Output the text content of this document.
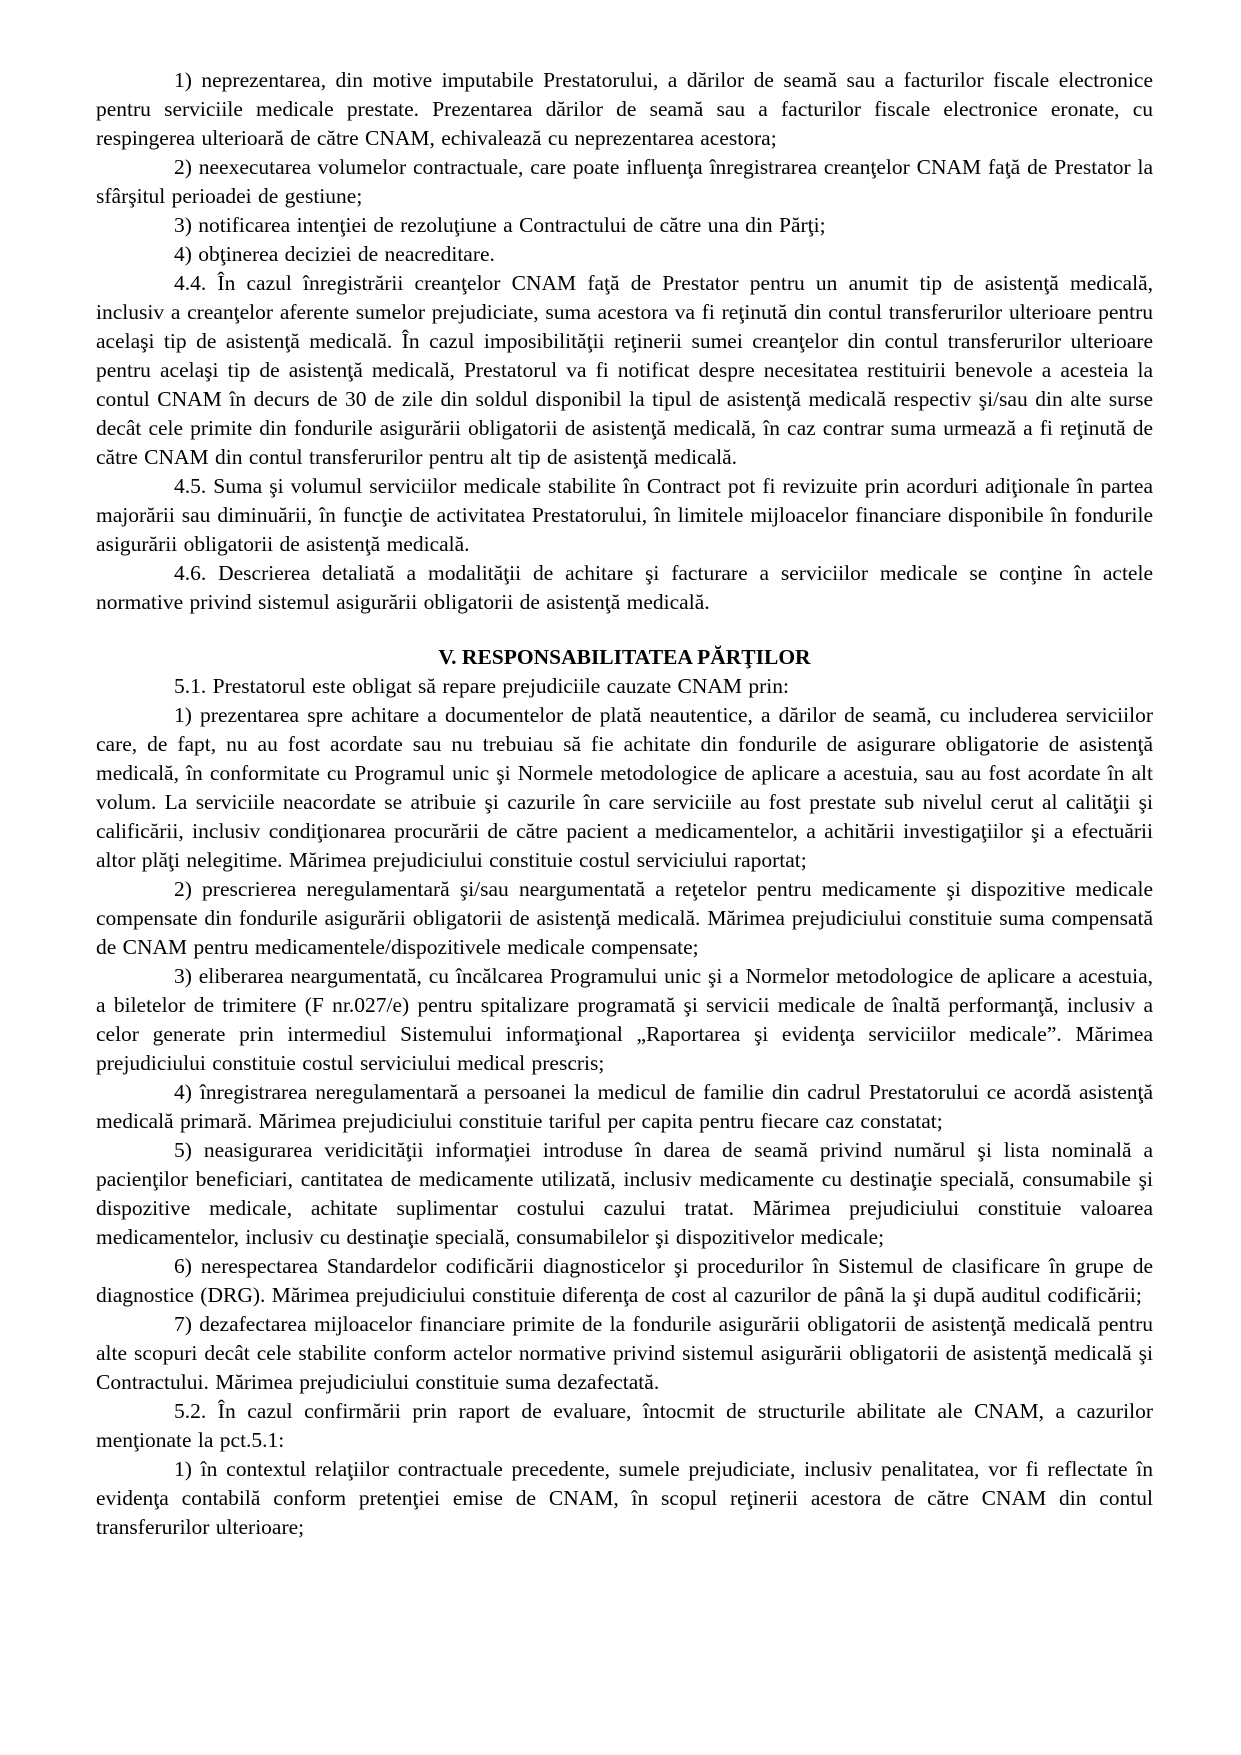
1) neprezentarea, din motive imputabile Prestatorului, a dărilor de seamă sau a facturilor fiscale electronice pentru serviciile medicale prestate. Prezentarea dărilor de seamă sau a facturilor fiscale electronice eronate, cu respingerea ulterioară de către CNAM, echivalează cu neprezentarea acestora;

2) neexecutarea volumelor contractuale, care poate influenţa înregistrarea creanţelor CNAM faţă de Prestator la sfârşitul perioadei de gestiune;

3) notificarea intenţiei de rezoluţiune a Contractului de către una din Părţi;

4) obţinerea deciziei de neacreditare.

4.4. În cazul înregistrării creanţelor CNAM faţă de Prestator pentru un anumit tip de asistenţă medicală, inclusiv a creanţelor aferente sumelor prejudiciate, suma acestora va fi reţinută din contul transferurilor ulterioare pentru acelaşi tip de asistenţă medicală. În cazul imposibilităţii reţinerii sumei creanţelor din contul transferurilor ulterioare pentru acelaşi tip de asistenţă medicală, Prestatorul va fi notificat despre necesitatea restituirii benevole a acesteia la contul CNAM în decurs de 30 de zile din soldul disponibil la tipul de asistenţă medicală respectiv şi/sau din alte surse decât cele primite din fondurile asigurării obligatorii de asistenţă medicală, în caz contrar suma urmează a fi reţinută de către CNAM din contul transferurilor pentru alt tip de asistenţă medicală.

4.5. Suma şi volumul serviciilor medicale stabilite în Contract pot fi revizuite prin acorduri adiţionale în partea majorării sau diminuării, în funcţie de activitatea Prestatorului, în limitele mijloacelor financiare disponibile în fondurile asigurării obligatorii de asistenţă medicală.

4.6. Descrierea detaliată a modalităţii de achitare şi facturare a serviciilor medicale se conţine în actele normative privind sistemul asigurării obligatorii de asistenţă medicală.

V. RESPONSABILITATEA PĂRŢILOR

5.1. Prestatorul este obligat să repare prejudiciile cauzate CNAM prin:

1) prezentarea spre achitare a documentelor de plată neautentice, a dărilor de seamă, cu includerea serviciilor care, de fapt, nu au fost acordate sau nu trebuiau să fie achitate din fondurile de asigurare obligatorie de asistenţă medicală, în conformitate cu Programul unic şi Normele metodologice de aplicare a acestuia, sau au fost acordate în alt volum. La serviciile neacordate se atribuie şi cazurile în care serviciile au fost prestate sub nivelul cerut al calităţii şi calificării, inclusiv condiţionarea procurării de către pacient a medicamentelor, a achitării investigaţiilor şi a efectuării altor plăţi nelegitime. Mărimea prejudiciului constituie costul serviciului raportat;

2) prescrierea neregulamentară şi/sau neargumentată a reţetelor pentru medicamente şi dispozitive medicale compensate din fondurile asigurării obligatorii de asistenţă medicală. Mărimea prejudiciului constituie suma compensată de CNAM pentru medicamentele/dispozitivele medicale compensate;

3) eliberarea neargumentată, cu încălcarea Programului unic şi a Normelor metodologice de aplicare a acestuia, a biletelor de trimitere (F nr.027/e) pentru spitalizare programată şi servicii medicale de înaltă performanţă, inclusiv a celor generate prin intermediul Sistemului informaţional „Raportarea şi evidenţa serviciilor medicale”. Mărimea prejudiciului constituie costul serviciului medical prescris;

4) înregistrarea neregulamentară a persoanei la medicul de familie din cadrul Prestatorului ce acordă asistenţă medicală primară. Mărimea prejudiciului constituie tariful per capita pentru fiecare caz constatat;

5) neasigurarea veridicităţii informaţiei introduse în darea de seamă privind numărul şi lista nominală a pacienţilor beneficiari, cantitatea de medicamente utilizată, inclusiv medicamente cu destinaţie specială, consumabile şi dispozitive medicale, achitate suplimentar costului cazului tratat. Mărimea prejudiciului constituie valoarea medicamentelor, inclusiv cu destinaţie specială, consumabilelor şi dispozitivelor medicale;

6) nerespectarea Standardelor codificării diagnosticelor şi procedurilor în Sistemul de clasificare în grupe de diagnostice (DRG). Mărimea prejudiciului constituie diferenţa de cost al cazurilor de până la şi după auditul codificării;

7) dezafectarea mijloacelor financiare primite de la fondurile asigurării obligatorii de asistenţă medicală pentru alte scopuri decât cele stabilite conform actelor normative privind sistemul asigurării obligatorii de asistenţă medicală şi Contractului. Mărimea prejudiciului constituie suma dezafectată.

5.2. În cazul confirmării prin raport de evaluare, întocmit de structurile abilitate ale CNAM, a cazurilor menţionate la pct.5.1:

1) în contextul relaţiilor contractuale precedente, sumele prejudiciate, inclusiv penalitatea, vor fi reflectate în evidenţa contabilă conform pretenţiei emise de CNAM, în scopul reţinerii acestora de către CNAM din contul transferurilor ulterioare;
